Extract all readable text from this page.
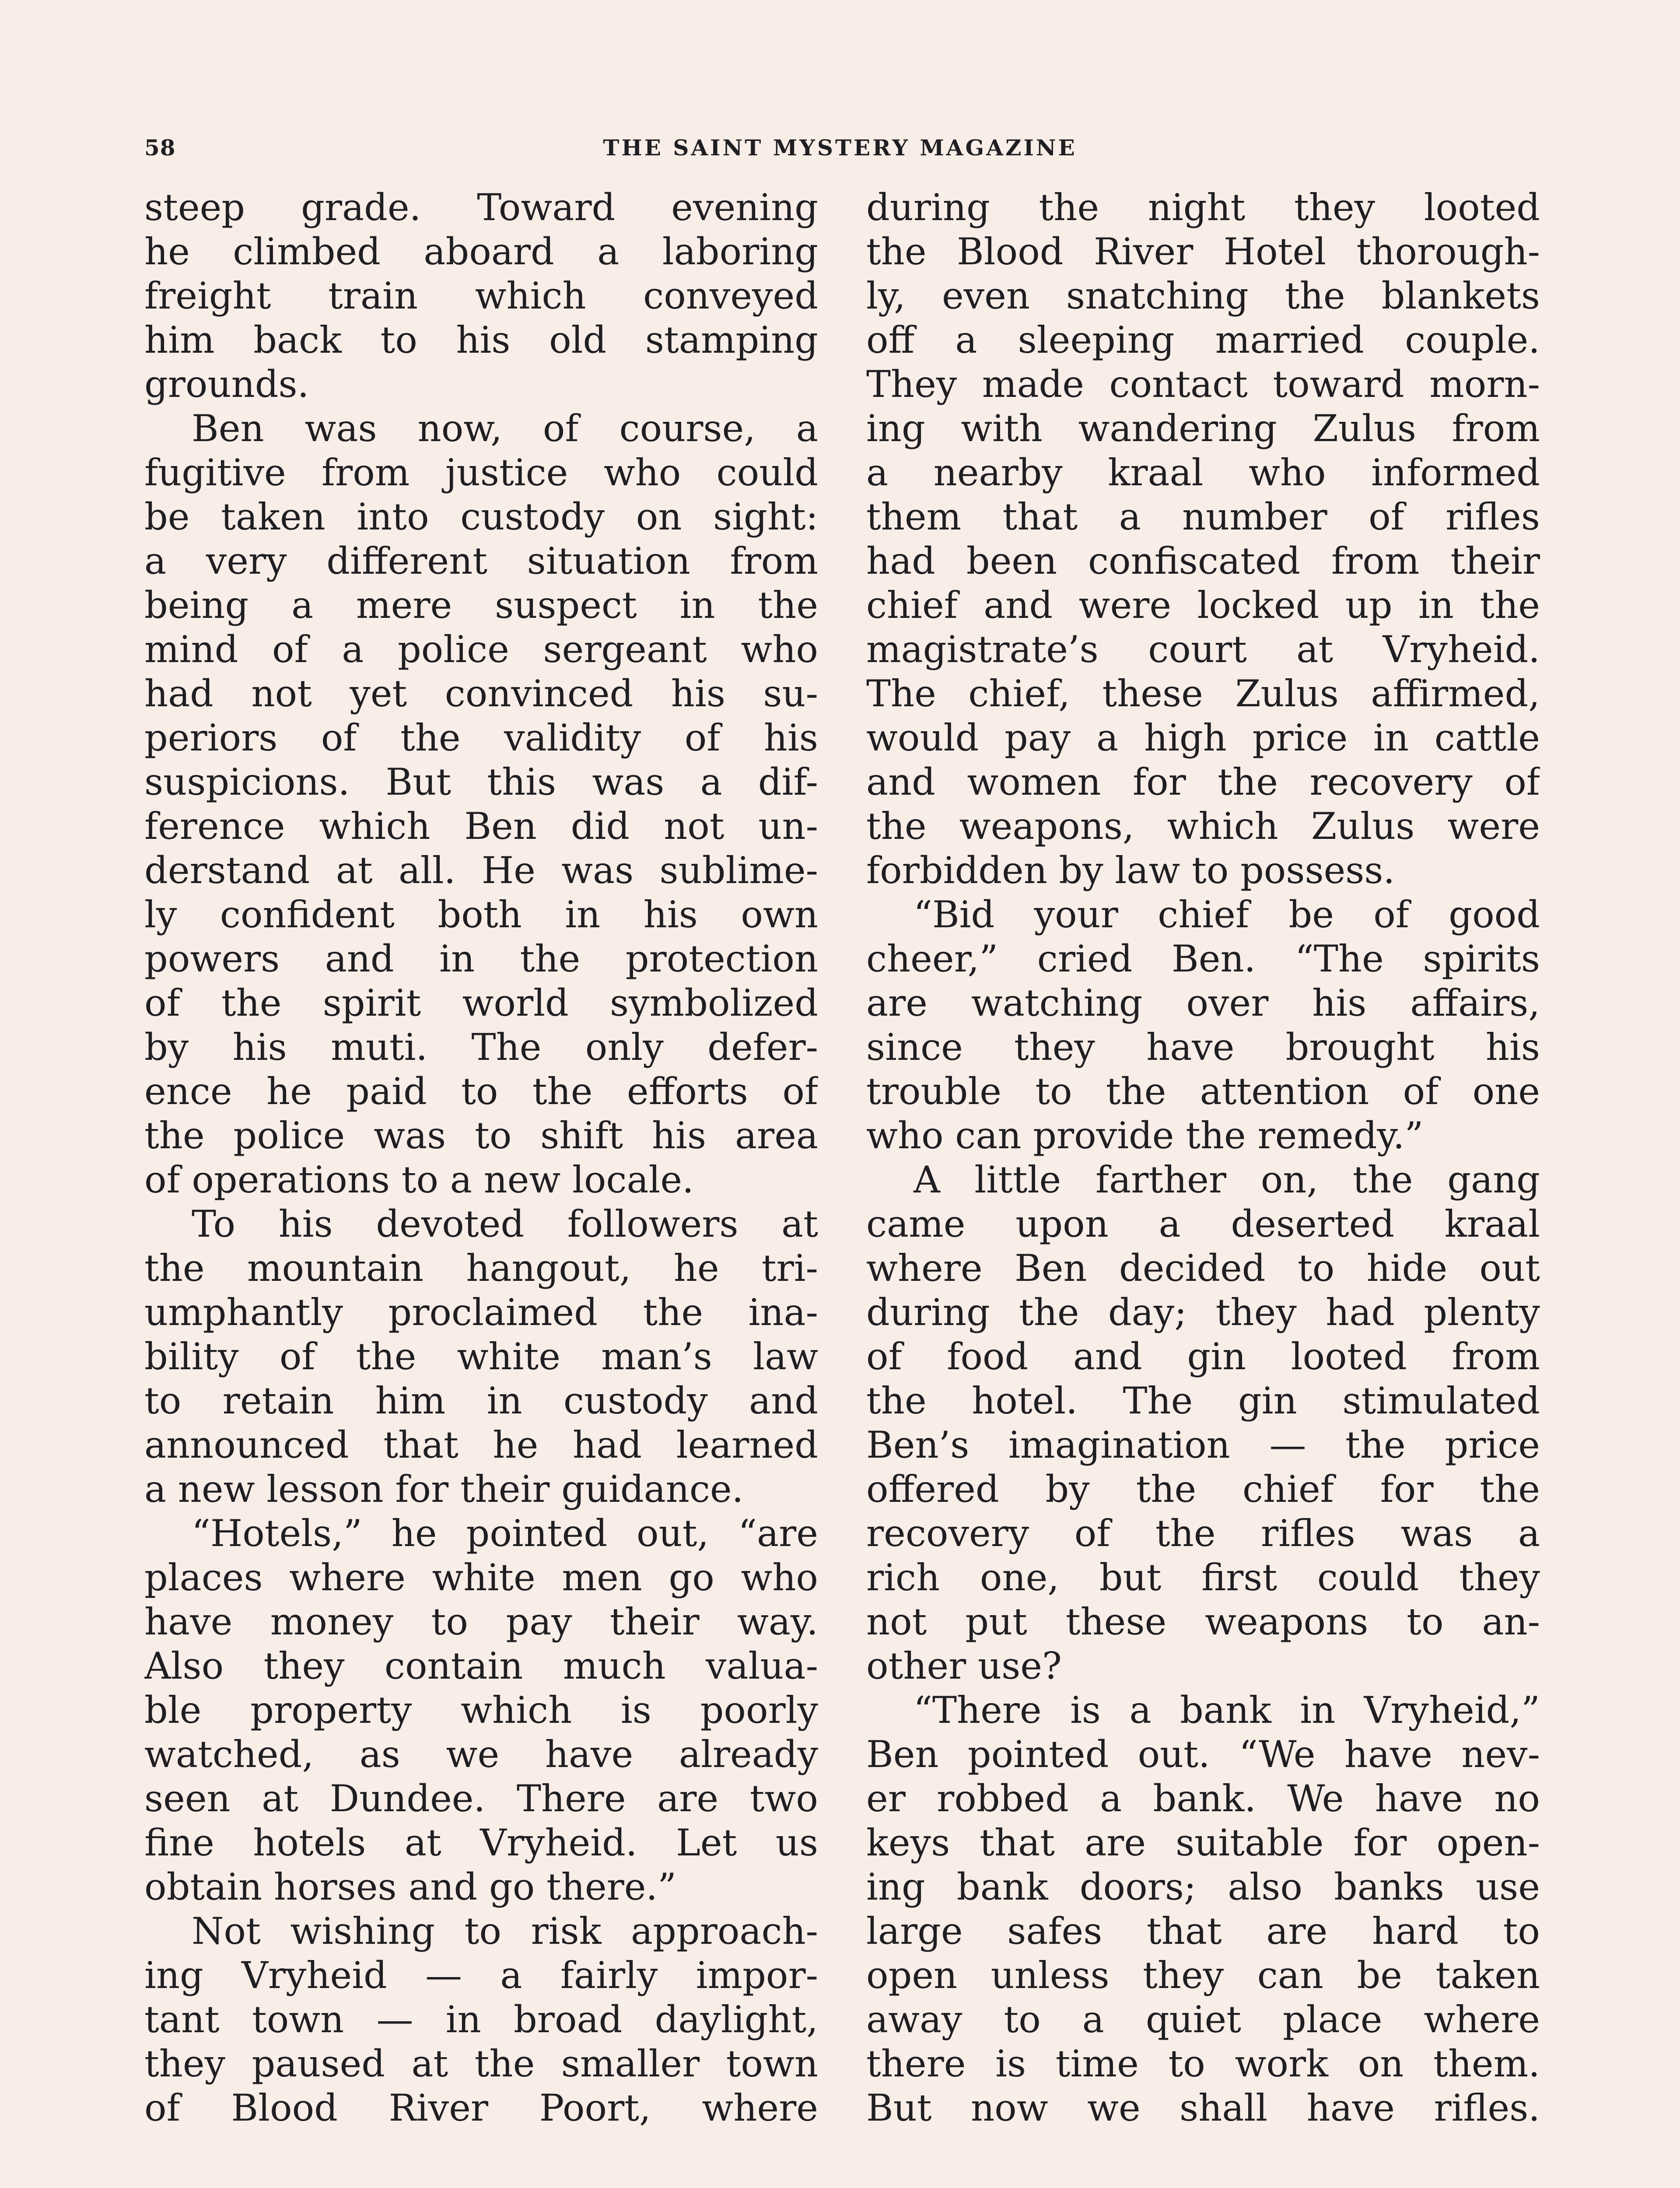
58	THE SAINT MYSTERY MAGAZINE
steep grade. Toward evening
he climbed aboard a laboring
freight train which conveyed
him back to his old stamping
grounds.
Ben was now, of course, a
fugitive from justice who could
be taken into custody on sight:
a very different situation from
being a mere suspect in the
mind of a police sergeant who
had not yet convinced his su-
periors of the validity of his
suspicions. But this was a dif-
ference which Ben did not un-
derstand at all. He was sublime-
ly confident both in his own
powers and in the protection
of the spirit world symbolized
by his muti. The only defer-
ence he paid to the efforts of
the police was to shift his area
of operations to a new locale.
To his devoted followers at
the mountain hangout, he tri-
umphantly proclaimed the ina-
bility of the white man’s law
to retain him in custody and
announced that he had learned
a new lesson for their guidance.
“Hotels,” he pointed out, “are
places where white men go who
have money to pay their way.
Also they contain much valua-
ble property which is poorly
watched, as we have already
seen at Dundee. There are two
fine hotels at Vryheid. Let us
obtain horses and go there.”
Not wishing to risk approach-
ing Vryheid — a fairly impor-
tant town — in broad daylight,
they paused at the smaller town
of Blood River Poort, where
during the night they looted
the Blood River Hotel thorough-
ly, even snatching the blankets
off a sleeping married couple.
They made contact toward morn-
ing with wandering Zulus from
a nearby kraal who informed
them that a number of rifles
had been confiscated from their
chief and were locked up in the
magistrate’s court at Vryheid.
The chief, these Zulus affirmed,
would pay a high price in cattle
and women for the recovery of
the weapons, which Zulus were
forbidden by law to possess.
“Bid your chief be of good
cheer,” cried Ben. “The spirits
are watching over his affairs,
since they have brought his
trouble to the attention of one
who can provide the remedy.”
A little farther on, the gang
came upon a deserted kraal
where Ben decided to hide out
during the day; they had plenty
of food and gin looted from
the hotel. The gin stimulated
Ben’s imagination — the price
offered by the chief for the
recovery of the rifles was a
rich one, but first could they
not put these weapons to an-
other use?
“There is a bank in Vryheid,”
Ben pointed out. “We have nev-
er robbed a bank. We have no
keys that are suitable for open-
ing bank doors; also banks use
large safes that are hard to
open unless they can be taken
away to a quiet place where
there is time to work on them.
But now we shall have rifles.
